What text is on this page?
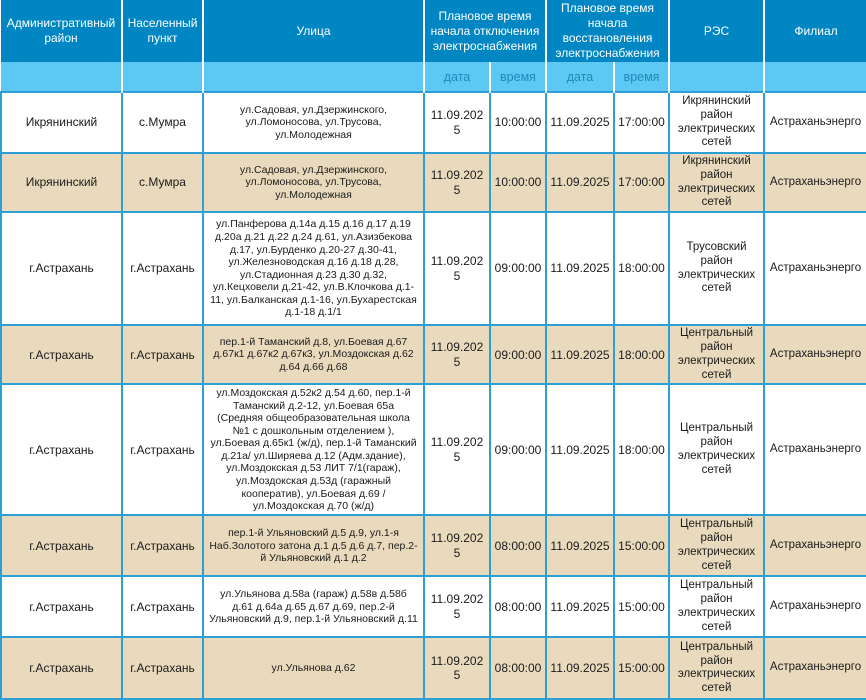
Административный район	Населенный пункт	Улица	Плановое время начала отключения электроснабжения		Плановое время начала восстановления электроснабжения		РЭС	Филиал
			дата	время	дата	время		
Икрянинский	с.Мумра	ул.Садовая, ул.Дзержинского, ул.Ломоносова, ул.Трусова, ул.Молодежная	11.09.2025	10:00:00	11.09.2025	17:00:00	Икрянинский район электрических сетей	Астраханьэнерго
Икрянинский	с.Мумра	ул.Садовая, ул.Дзержинского, ул.Ломоносова, ул.Трусова, ул.Молодежная	11.09.2025	10:00:00	11.09.2025	17:00:00	Икрянинский район электрических сетей	Астраханьэнерго
г.Астрахань	г.Астрахань	ул.Панферова д.14а д.15 д.16 д.17 д.19 д.20а д.21 д.22 д.24 д.61, ул.Азизбекова д.17, ул.Бурденко д.20-27 д.30-41, ул.Железноводская д.16 д.18 д.28, ул.Стадионная д.23 д.30 д.32, ул.Кецховели д.21-42, ул.В.Клочкова д.1-11, ул.Балканская д.1-16, ул.Бухарестская д.1-18 д.1/1	11.09.2025	09:00:00	11.09.2025	18:00:00	Трусовский район электрических сетей	Астраханьэнерго
г.Астрахань	г.Астрахань	пер.1-й Таманский д.8, ул.Боевая д.67 д.67к1 д.67к2 д.67к3, ул.Моздокская д.62 д.64 д.66 д.68	11.09.2025	09:00:00	11.09.2025	18:00:00	Центральный район электрических сетей	Астраханьэнерго
г.Астрахань	г.Астрахань	ул.Моздокская д.52к2 д.54 д.60, пер.1-й Таманский д.2-12, ул.Боевая 65а (Средняя общеобразовательная школа №1 с дошкольным отделением ), ул.Боевая д.65к1 (ж/д), пер.1-й Таманский д.21а/ ул.Ширяева д.12 (Адм.здание), ул.Моздокская д.53 ЛИТ 7/1(гараж), ул.Моздокская д.53д (гаражный кооператив), ул.Боевая д.69 /ул.Моздокская д.70 (ж/д)	11.09.2025	09:00:00	11.09.2025	18:00:00	Центральный район электрических сетей	Астраханьэнерго
г.Астрахань	г.Астрахань	пер.1-й Ульяновский д.5 д.9, ул.1-я Наб.Золотого затона д.1 д.5 д.6 д.7, пер.2-й Ульяновский д.1 д.2	11.09.2025	08:00:00	11.09.2025	15:00:00	Центральный район электрических сетей	Астраханьэнерго
г.Астрахань	г.Астрахань	ул.Ульянова д.58а (гараж) д.58в д.58б д.61 д.64а д.65 д.67 д.69, пер.2-й Ульяновский д.9, пер.1-й Ульяновский д.11	11.09.2025	08:00:00	11.09.2025	15:00:00	Центральный район электрических сетей	Астраханьэнерго
г.Астрахань	г.Астрахань	ул.Ульянова д.62	11.09.2025	08:00:00	11.09.2025	15:00:00	Центральный район электрических сетей	Астраханьэнерго
